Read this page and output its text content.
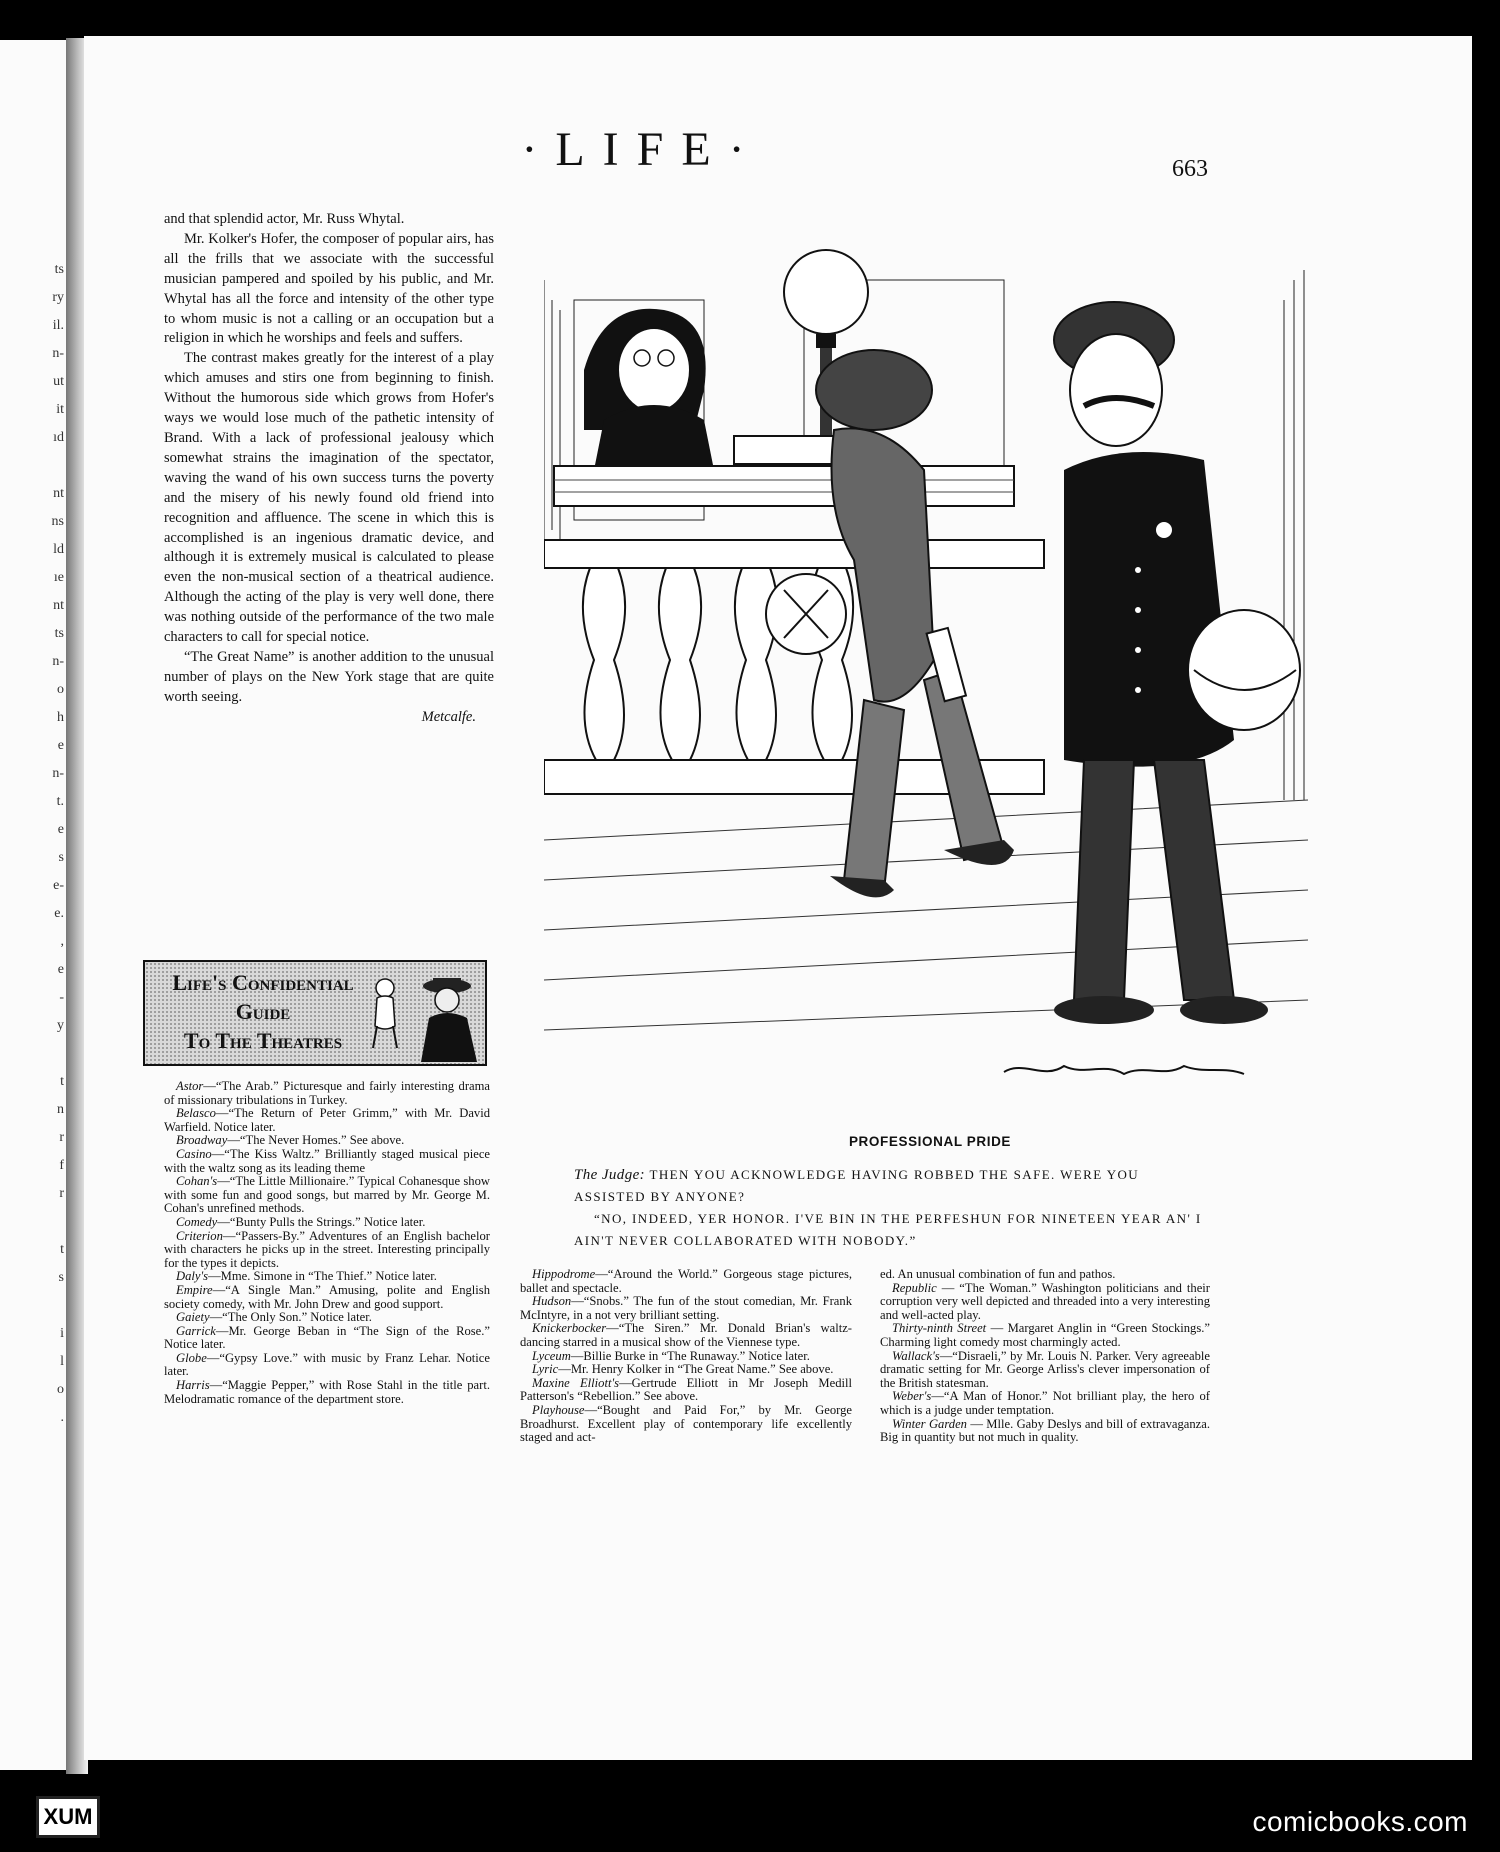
ts
ry
il.
n-
ut
it
ıd
nt
ns
ld
ıe
nt
ts
n-
o
h
e
n-
t.
e
s
e-
e.
,
e
-
y
t
n
r
f
r
t
s
i
l
o
.
·LIFE·	663

and that splendid actor, Mr. Russ Whytal.

Mr. Kolker's Hofer, the composer of popular airs, has all the frills that we associate with the successful musician pampered and spoiled by his public, and Mr. Whytal has all the force and intensity of the other type to whom music is not a calling or an occupation but a religion in which he worships and feels and suffers.

The contrast makes greatly for the interest of a play which amuses and stirs one from beginning to finish. Without the humorous side which grows from Hofer's ways we would lose much of the pathetic intensity of Brand. With a lack of professional jealousy which somewhat strains the imagination of the spectator, waving the wand of his own success turns the poverty and the misery of his newly found old friend into recognition and affluence. The scene in which this is accomplished is an ingenious dramatic device, and although it is extremely musical is calculated to please even the non-musical section of a theatrical audience. Although the acting of the play is very well done, there was nothing outside of the performance of the two male characters to call for special notice.

“The Great Name” is another addition to the unusual number of plays on the New York stage that are quite worth seeing.

Metcalfe.
Life's Confidential
Guide
To The Theatres

Astor—“The Arab.” Picturesque and fairly interesting drama of missionary tribulations in Turkey.

Belasco—“The Return of Peter Grimm,” with Mr. David Warfield. Notice later.

Broadway—“The Never Homes.” See above.

Casino—“The Kiss Waltz.” Brilliantly staged musical piece with the waltz song as its leading theme

Cohan's—“The Little Millionaire.” Typical Cohanesque show with some fun and good songs, but marred by Mr. George M. Cohan's unrefined methods.

Comedy—“Bunty Pulls the Strings.” Notice later.

Criterion—“Passers-By.” Adventures of an English bachelor with characters he picks up in the street. Interesting principally for the types it depicts.

Daly's—Mme. Simone in “The Thief.” Notice later.

Empire—“A Single Man.” Amusing, polite and English society comedy, with Mr. John Drew and good support.

Gaiety—“The Only Son.” Notice later.

Garrick—Mr. George Beban in “The Sign of the Rose.” Notice later.

Globe—“Gypsy Love.” with music by Franz Lehar. Notice later.

Harris—“Maggie Pepper,” with Rose Stahl in the title part. Melodramatic romance of the department store.

Hippodrome—“Around the World.” Gorgeous stage pictures, ballet and spectacle.

Hudson—“Snobs.” The fun of the stout comedian, Mr. Frank McIntyre, in a not very brilliant setting.

Knickerbocker—“The Siren.” Mr. Donald Brian's waltz-dancing starred in a musical show of the Viennese type.

Lyceum—Billie Burke in “The Runaway.” Notice later.

Lyric—Mr. Henry Kolker in “The Great Name.” See above.

Maxine Elliott's—Gertrude Elliott in Mr Joseph Medill Patterson's “Rebellion.” See above.

Playhouse—“Bought and Paid For,” by Mr. George Broadhurst. Excellent play of contemporary life excellently staged and act-

ed. An unusual combination of fun and pathos.

Republic — “The Woman.” Washington politicians and their corruption very well depicted and threaded into a very interesting and well-acted play.

Thirty-ninth Street — Margaret Anglin in “Green Stockings.” Charming light comedy most charmingly acted.

Wallack's—“Disraeli,” by Mr. Louis N. Parker. Very agreeable dramatic setting for Mr. George Arliss's clever impersonation of the British statesman.

Weber's—“A Man of Honor.” Not brilliant play, the hero of which is a judge under temptation.

Winter Garden — Mlle. Gaby Deslys and bill of extravaganza. Big in quantity but not much in quality.

PROFESSIONAL PRIDE
The Judge: THEN YOU ACKNOWLEDGE HAVING ROBBED THE SAFE. WERE YOU ASSISTED BY ANYONE?
“NO, INDEED, YER HONOR. I'VE BIN IN THE PERFESHUN FOR NINETEEN YEAR AN' I AIN'T NEVER COLLABORATED WITH NOBODY.”
XUM	comicbooks.com
